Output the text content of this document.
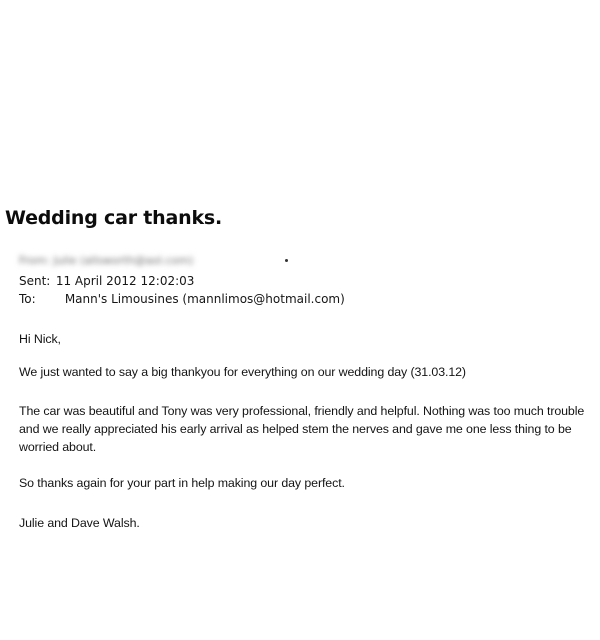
Wedding car thanks.
From: Julie (allsworth@aol.com)
Sent: 11 April 2012 12:02:03
To: Mann's Limousines (mannlimos@hotmail.com)
Hi Nick,
We just wanted to say a big thankyou for everything on our wedding day (31.03.12)
The car was beautiful and Tony was very professional, friendly and helpful. Nothing was too much trouble and we really appreciated his early arrival as helped stem the nerves and gave me one less thing to be worried about.
So thanks again for your part in help making our day perfect.
Julie and Dave Walsh.
